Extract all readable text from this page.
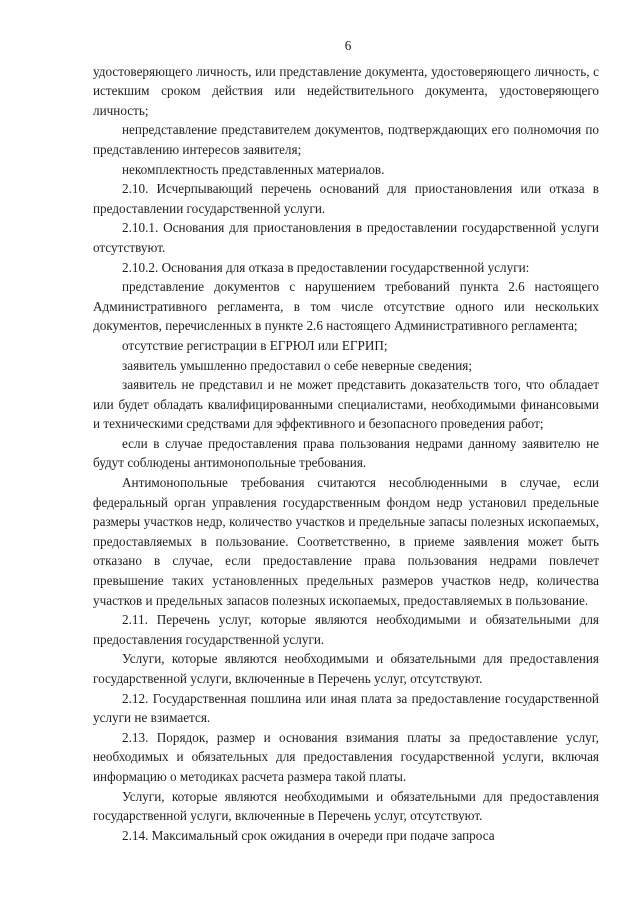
6

удостоверяющего личность, или представление документа, удостоверяющего личность, с истекшим сроком действия или недействительного документа, удостоверяющего личность;

непредставление представителем документов, подтверждающих его полномочия по представлению интересов заявителя;

некомплектность представленных материалов.

2.10. Исчерпывающий перечень оснований для приостановления или отказа в предоставлении государственной услуги.

2.10.1. Основания для приостановления в предоставлении государственной услуги отсутствуют.

2.10.2. Основания для отказа в предоставлении государственной услуги:

представление документов с нарушением требований пункта 2.6 настоящего Административного регламента, в том числе отсутствие одного или нескольких документов, перечисленных в пункте 2.6 настоящего Административного регламента;

отсутствие регистрации в ЕГРЮЛ или ЕГРИП;

заявитель умышленно предоставил о себе неверные сведения;

заявитель не представил и не может представить доказательств того, что обладает или будет обладать квалифицированными специалистами, необходимыми финансовыми и техническими средствами для эффективного и безопасного проведения работ;

если в случае предоставления права пользования недрами данному заявителю не будут соблюдены антимонопольные требования.

Антимонопольные требования считаются несоблюденными в случае, если федеральный орган управления государственным фондом недр установил предельные размеры участков недр, количество участков и предельные запасы полезных ископаемых, предоставляемых в пользование. Соответственно, в приеме заявления может быть отказано в случае, если предоставление права пользования недрами повлечет превышение таких установленных предельных размеров участков недр, количества участков и предельных запасов полезных ископаемых, предоставляемых в пользование.

2.11. Перечень услуг, которые являются необходимыми и обязательными для предоставления государственной услуги.

Услуги, которые являются необходимыми и обязательными для предоставления государственной услуги, включенные в Перечень услуг, отсутствуют.

2.12. Государственная пошлина или иная плата за предоставление государственной услуги не взимается.

2.13. Порядок, размер и основания взимания платы за предоставление услуг, необходимых и обязательных для предоставления государственной услуги, включая информацию о методиках расчета размера такой платы.

Услуги, которые являются необходимыми и обязательными для предоставления государственной услуги, включенные в Перечень услуг, отсутствуют.

2.14. Максимальный срок ожидания в очереди при подаче запроса
